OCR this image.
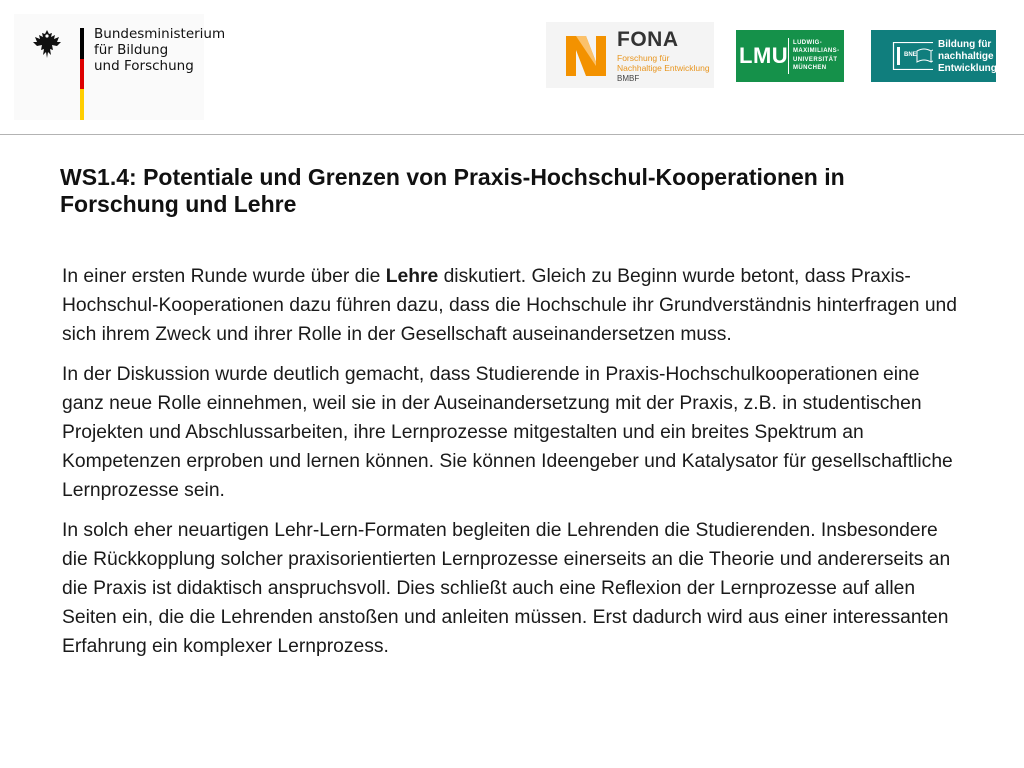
Bundesministerium
für Bildung
und Forschung
FONA
Forschung für Nachhaltige Entwicklung
BMBF
LMU LUDWIG-
MAXIMILIANS-
UNIVERSITÄT
MÜNCHEN
BNE
Bildung für
nachhaltige
Entwicklung
WS1.4: Potentiale und Grenzen von Praxis-Hochschul-Kooperationen in Forschung und Lehre

In einer ersten Runde wurde über die Lehre diskutiert. Gleich zu Beginn wurde betont, dass Praxis-Hochschul-Kooperationen dazu führen dazu, dass die Hochschule ihr Grundverständnis hinterfragen und sich ihrem Zweck und ihrer Rolle in der Gesellschaft auseinandersetzen muss.

In der Diskussion wurde deutlich gemacht, dass Studierende in Praxis-Hochschulkooperationen eine ganz neue Rolle einnehmen, weil sie in der Auseinandersetzung mit der Praxis, z.B. in studentischen Projekten und Abschlussarbeiten, ihre Lernprozesse mitgestalten und ein breites Spektrum an Kompetenzen erproben und lernen können. Sie können Ideengeber und Katalysator für gesellschaftliche Lernprozesse sein.

In solch eher neuartigen Lehr-Lern-Formaten begleiten die Lehrenden die Studierenden. Insbesondere die Rückkopplung solcher praxisorientierten Lernprozesse einerseits an die Theorie und andererseits an die Praxis ist didaktisch anspruchsvoll. Dies schließt auch eine Reflexion der Lernprozesse auf allen Seiten ein, die die Lehrenden anstoßen und anleiten müssen. Erst dadurch wird aus einer interessanten Erfahrung ein komplexer Lernprozess.
